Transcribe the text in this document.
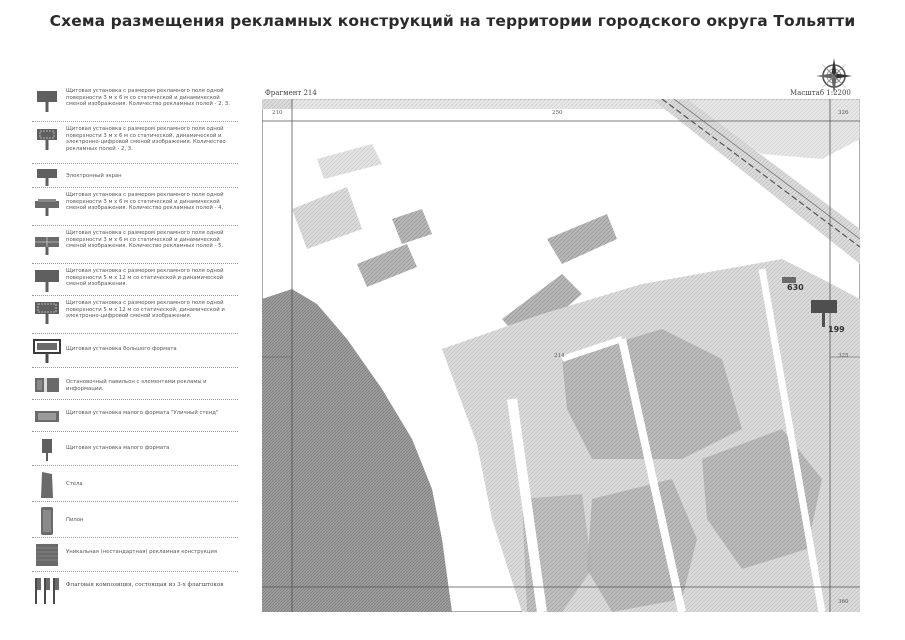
Схема размещения рекламных конструкций на территории городского округа Тольятти
Щитовая установка с размером рекламного поля одной поверхности 3 м х 6 м со статической и динамической сменой изображения. Количество рекламных полей - 2, 3.
Щитовая установка с размером рекламного поля одной поверхности 3 м х 6 м со статической, динамической и электронно-цифровой сменой изображения. Количество рекламных полей - 2, 3.
Электронный экран
Щитовая установка с размером рекламного поля одной поверхности 3 м х 6 м со статической и динамической сменой изображения. Количество рекламных полей - 4.
Щитовая установка с размером рекламного поля одной поверхности 3 м х 6 м со статической и динамической сменой изображения. Количество рекламных полей - 5.
Щитовая установка с размером рекламного поля одной поверхности 5 м х 12 м со статической и динамической сменой изображения.
Щитовая установка с размером рекламного поля одной поверхности 5 м х 12 м со статической, динамической и электронно-цифровой сменой изображения.
Щитовая установка большого формата
Остановочный павильон с элементами рекламы и информации.
Щитовая установка малого формата "Уличный стенд"
Щитовая установка малого формата
Стела
Пилон
Уникальная (нестандартная) рекламная конструкция
Флаговая композиция, состоящая из 3-х флагштоков
Фрагмент 214	Масштаб 1:2200
210	250	326
214	325
360
630
199
